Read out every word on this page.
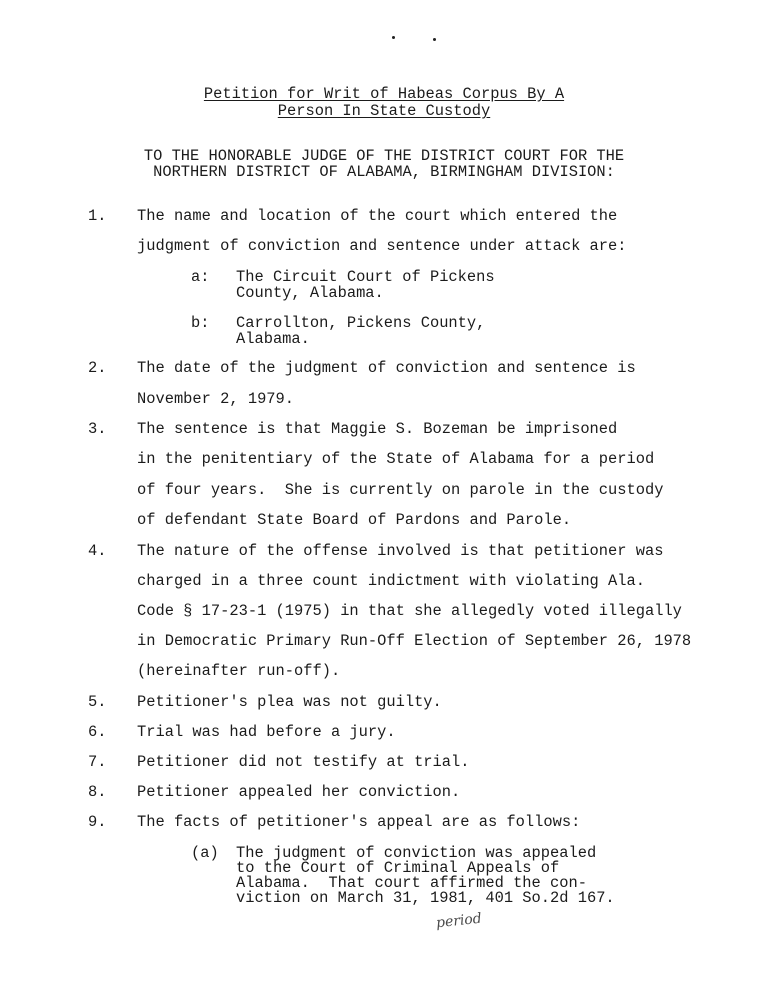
Petition for Writ of Habeas Corpus By A
Person In State Custody
TO THE HONORABLE JUDGE OF THE DISTRICT COURT FOR THE
NORTHERN DISTRICT OF ALABAMA, BIRMINGHAM DIVISION:
1. The name and location of the court which entered the
judgment of conviction and sentence under attack are:
a: The Circuit Court of Pickens
County, Alabama.
b: Carrollton, Pickens County,
Alabama.
2. The date of the judgment of conviction and sentence is
November 2, 1979.
3. The sentence is that Maggie S. Bozeman be imprisoned
in the penitentiary of the State of Alabama for a period
of four years.  She is currently on parole in the custody
of defendant State Board of Pardons and Parole.
4. The nature of the offense involved is that petitioner was
charged in a three count indictment with violating Ala.
Code § 17-23-1 (1975) in that she allegedly voted illegally
in Democratic Primary Run-Off Election of September 26, 1978
(hereinafter run-off).
5. Petitioner's plea was not guilty.
6. Trial was had before a jury.
7. Petitioner did not testify at trial.
8. Petitioner appealed her conviction.
9. The facts of petitioner's appeal are as follows:
(a) The judgment of conviction was appealed
to the Court of Criminal Appeals of
Alabama.  That court affirmed the con-
viction on March 31, 1981, 401 So.2d 167.
period
